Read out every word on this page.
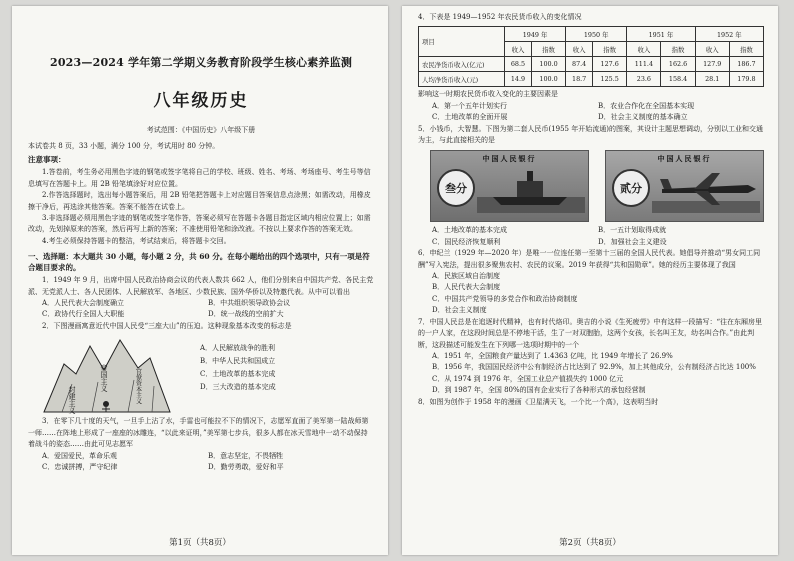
2023—2024 学年第二学期义务教育阶段学生核心素养监测
八年级历史
考试范围：《中国历史》八年级下册

本试卷共 8 页，33 小题，满分 100 分，考试用时 80 分钟。

注意事项：

1.答卷前，考生务必用黑色字迹的钢笔或签字笔将自己的学校、班级、姓名、考场、考场座号、考生号等信息填写在答题卡上。用 2B 铅笔填涂好对应位置。

2.作答选择题时，选出每小题答案后，用 2B 铅笔把答题卡上对应题目答案信息点涂黑；如需改动，用橡皮擦干净后，再选涂其他答案。答案不能答在试卷上。

3.非选择题必须用黑色字迹的钢笔或签字笔作答，答案必须写在答题卡各题目指定区域内相应位置上；如需改动，先划掉原来的答案，然后再写上新的答案；不准使用铅笔和涂改液。不按以上要求作答的答案无效。

4.考生必须保持答题卡的整洁，考试结束后，将答题卡交回。

一、选择题：本大题共 30 小题，每小题 2 分，共 60 分。在每小题给出的四个选项中，只有一项是符合题目要求的。

1．1949 年 9 月，出席中国人民政治协商会议的代表人数共 662 人，他们分别来自中国共产党、各民主党派、无党派人士、各人民团体、人民解放军、各地区、少数民族、国外华侨以及特邀代表。从中可以看出

A．人民代表大会制度确立	B．中共组织领导政协会议
C．政协代行全国人大职能	D．统一战线的空前扩大

2．下图漫画寓意近代中国人民受“三座大山”的压迫。这种现象基本改变的标志是

封建主义
帝国主义	官僚资本主义
A．人民解放战争的胜利
B．中华人民共和国成立
C．土地改革的基本完成
D．三大改造的基本完成

3．在零下几十度的天气，一旦手上沾了水，手雷也可能拉不下的情况下，志愿军直面了美军第一陆战师第一师……在阵地上形成了一座座的冰雕连，“以此来证明，”美军第七步兵，很多人都在冰天雪地中一动不动保持着战斗的姿态……由此可见志愿军

A．爱国爱民，革命乐观	B．意志坚定，不畏牺牲
C．忠诚拼搏，严守纪律	D．勤劳勇敢，爱好和平
第1页（共8页）

4．下表是 1949—1952 年农民货币收入的变化情况

项目	1949 年		1950 年		1951 年		1952 年	
	收入	指数	收入	指数	收入	指数	收入	指数
农民净货币收入(亿元)	68.5	100.0	87.4	127.6	111.4	162.6	127.9	186.7
人均净货币收入(元)	14.9	100.0	18.7	125.5	23.6	158.4	28.1	179.8

影响这一时期农民货币收入变化的主要因素是

A．第一个五年计划实行	B．农业合作化在全国基本实现
C．土地改革的全面开展	D．社会主义制度的基本确立

5．小钱币，大智慧。下图为第二套人民币(1955 年开始流通)的图案，其设计主题思想调动，分别以工业和交通为主，与此直接相关的是

中国人民银行
叁分
中国人民银行
贰分
A．土地改革的基本完成	B．一五计划取得成就
C．国民经济恢复顺利	D．加强社会主义建设

6．申纪兰（1929 年—2020 年）是唯一一位连任第一至第十三届的全国人民代表。她倡导并推动“男女同工同酬”写入宪法，提出很多聚焦农村、农民的议案。2019 年获得“共和国勋章”。她的经历主要体现了我国

A．民族区域自治制度
B．人民代表大会制度
C．中国共产党领导的多党合作和政治协商制度
D．社会主义制度

7．中国人民总是在追逐时代精神，也有时代烙印。奥吉的小说《生死疲劳》中有这样一段描写：“往在东厢房里的一户人家，在这段时间总是不停地干活，生了一对双胞胎，这两个女孩，长名叫王友，幼名叫合作。”由此判断，这段描述可能发生在下列哪一选项时期中的一个

A．1951 年，全国粮食产量达到了 1.4363 亿吨，比 1949 年增长了 26.9%
B．1956 年，我国国民经济中公有制经济占比达到了 92.9%，加上其他成分，公有制经济占比达 100%
C．从 1974 到 1976 年，全国工业总产值损失约 1000 亿元
D．到 1987 年，全国 80%的国有企业实行了各种形式的承包经营制

8．如图为创作于 1958 年的漫画《卫星满天飞，一个比一个高》，这表明当时

第2页（共8页）
